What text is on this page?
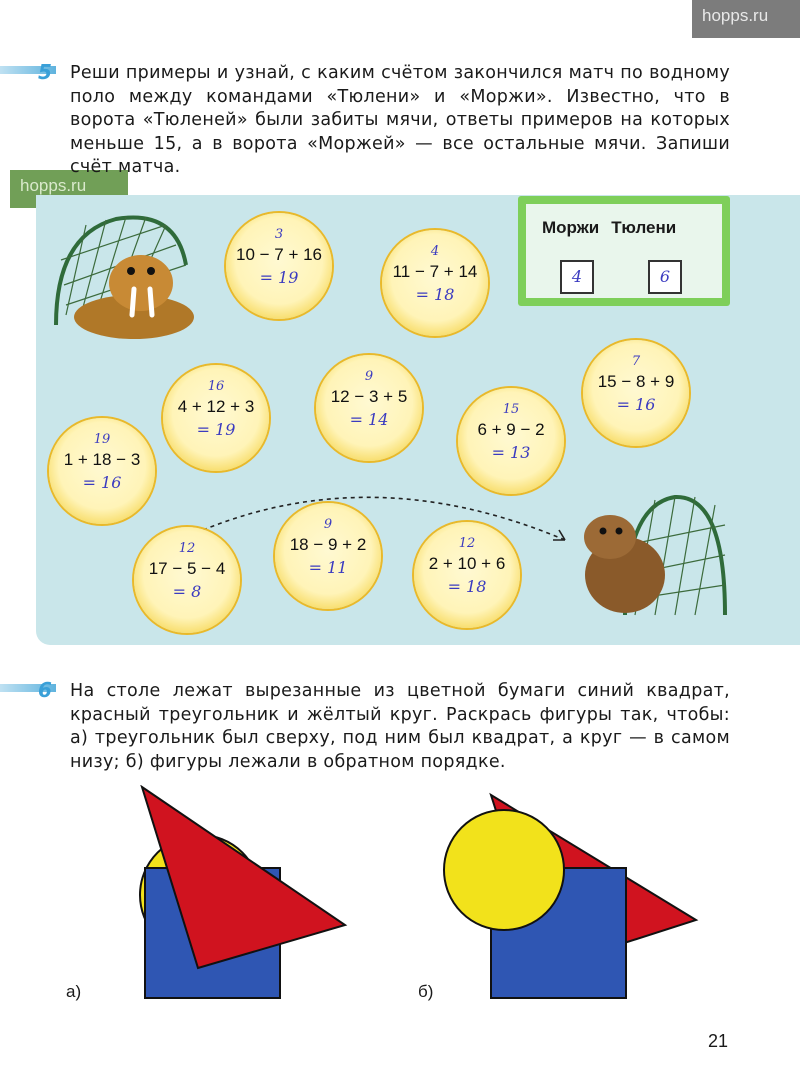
hopps.ru
hopps.ru
5 Реши примеры и узнай, с каким счётом закончился матч по водному поло между командами «Тюлени» и «Моржи». Известно, что в ворота «Тюленей» были забиты мячи, ответы примеров на которых меньше 15, а в ворота «Моржей» — все остальные мячи. Запиши счёт матча.
3
10 − 7 + 16
= 19
4
11 − 7 + 14
= 18
7
15 − 8 + 9
= 16
16
4 + 12 + 3
= 19
9
12 − 3 + 5
= 14
15
6 + 9 − 2
= 13
19
1 + 18 − 3
= 16
12
17 − 5 − 4
= 8
9
18 − 9 + 2
= 11
12
2 + 10 + 6
= 18
Моржи Тюлени
4	6
6 На столе лежат вырезанные из цветной бумаги синий квадрат, красный треугольник и жёлтый круг. Раскрась фигуры так, чтобы: а) треугольник был сверху, под ним был квадрат, а круг — в самом низу; б) фигуры лежали в обратном порядке.
а)	б)
21
